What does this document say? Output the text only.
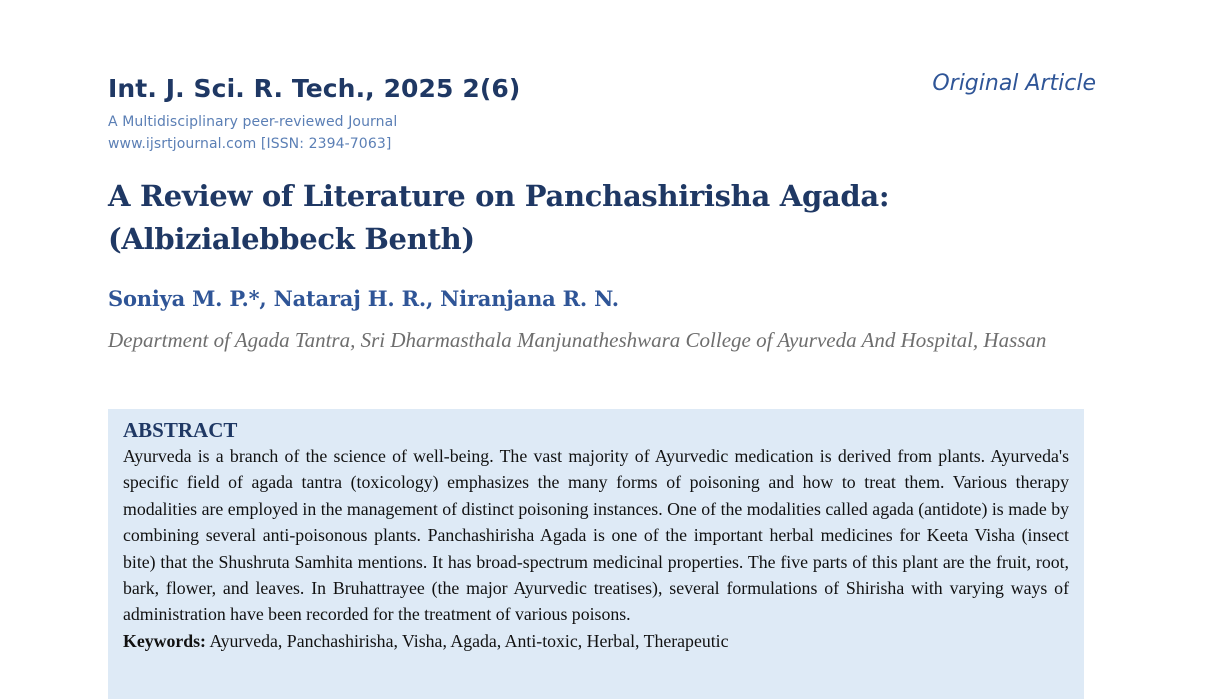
Int. J. Sci. R. Tech., 2025 2(6)	Original Article
A Multidisciplinary peer-reviewed Journal
www.ijsrtjournal.com [ISSN: 2394-7063]
A Review of Literature on Panchashirisha Agada:
(Albizialebbeck Benth)
Soniya M. P.*, Nataraj H. R., Niranjana R. N.
Department of Agada Tantra, Sri Dharmasthala Manjunatheshwara College of Ayurveda And Hospital, Hassan

ABSTRACT

Ayurveda is a branch of the science of well-being. The vast majority of Ayurvedic medication is derived from plants. Ayurveda's specific field of agada tantra (toxicology) emphasizes the many forms of poisoning and how to treat them. Various therapy modalities are employed in the management of distinct poisoning instances. One of the modalities called agada (antidote) is made by combining several anti-poisonous plants. Panchashirisha Agada is one of the important herbal medicines for Keeta Visha (insect bite) that the Shushruta Samhita mentions. It has broad-spectrum medicinal properties. The five parts of this plant are the fruit, root, bark, flower, and leaves. In Bruhattrayee (the major Ayurvedic treatises), several formulations of Shirisha with varying ways of administration have been recorded for the treatment of various poisons.

Keywords: Ayurveda, Panchashirisha, Visha, Agada, Anti-toxic, Herbal, Therapeutic
